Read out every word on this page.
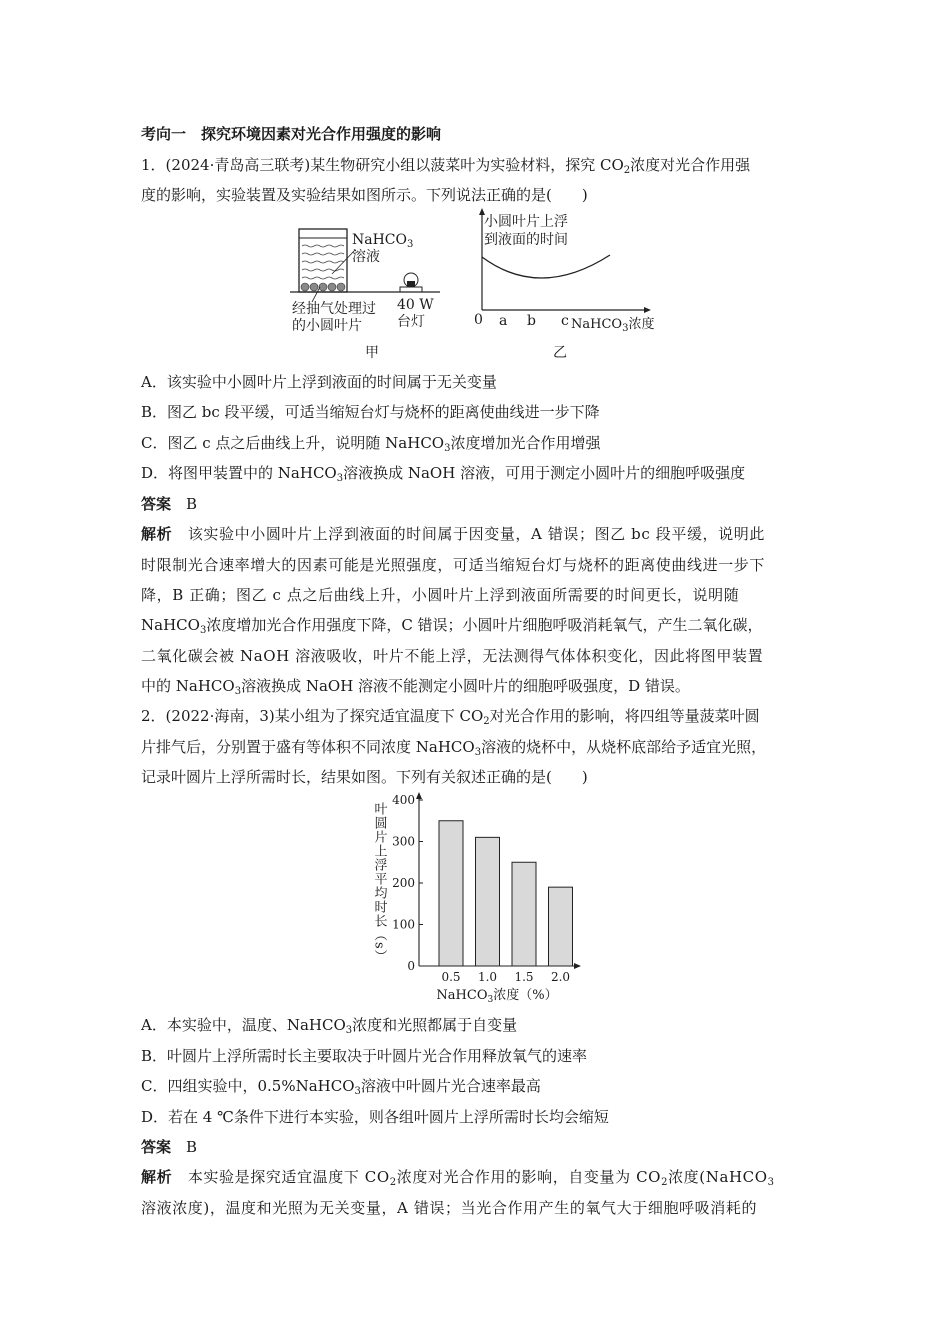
考向一　探究环境因素对光合作用强度的影响
1．(2024·青岛高三联考)某生物研究小组以菠菜叶为实验材料，探究 $CO_2$浓度对光合作用强
度的影响，实验装置及实验结果如图所示。下列说法正确的是(　　)
NaHCO$_3$
溶液
经抽气处理过
的小圆叶片
40 W
台灯
甲
小圆叶片上浮
到液面的时间
0 a b c NaHCO$_3$浓度
乙
A．该实验中小圆叶片上浮到液面的时间属于无关变量
B．图乙 bc 段平缓，可适当缩短台灯与烧杯的距离使曲线进一步下降
C．图乙 c 点之后曲线上升，说明随 NaHCO$_3$浓度增加光合作用增强
D．将图甲装置中的 NaHCO$_3$溶液换成 NaOH 溶液，可用于测定小圆叶片的细胞呼吸强度
答案　 B
解析　 该实验中小圆叶片上浮到液面的时间属于因变量，A 错误；图乙 bc 段平缓，说明此
时限制光合速率增大的因素可能是光照强度，可适当缩短台灯与烧杯的距离使曲线进一步下
降，B 正确；图乙 c 点之后曲线上升，小圆叶片上浮到液面所需要的时间更长，说明随
NaHCO$_3$浓度增加光合作用强度下降，C 错误；小圆叶片细胞呼吸消耗氧气，产生二氧化碳，
二氧化碳会被 NaOH 溶液吸收，叶片不能上浮，无法测得气体体积变化，因此将图甲装置
中的 NaHCO$_3$溶液换成 NaOH 溶液不能测定小圆叶片的细胞呼吸强度，D 错误。
2．(2022·海南，3)某小组为了探究适宜温度下 $CO_2$对光合作用的影响，将四组等量菠菜叶圆
片排气后，分别置于盛有等体积不同浓度 NaHCO$_3$溶液的烧杯中，从烧杯底部给予适宜光照，
记录叶圆片上浮所需时长，结果如图。下列有关叙述正确的是(　　)
0
100
200
300
400
0.5 1.0 1.5 2.0
叶圆片上浮平均时长（s）
NaHCO$_3$浓度（%）
A．本实验中，温度、NaHCO$_3$浓度和光照都属于自变量
B．叶圆片上浮所需时长主要取决于叶圆片光合作用释放氧气的速率
C．四组实验中，0.5%NaHCO$_3$溶液中叶圆片光合速率最高
D．若在 4 ℃条件下进行本实验，则各组叶圆片上浮所需时长均会缩短
答案　 B
解析　 本实验是探究适宜温度下 $CO_2$浓度对光合作用的影响，自变量为 $CO_2$浓度(NaHCO$_3$
溶液浓度)，温度和光照为无关变量，A 错误；当光合作用产生的氧气大于细胞呼吸消耗的
